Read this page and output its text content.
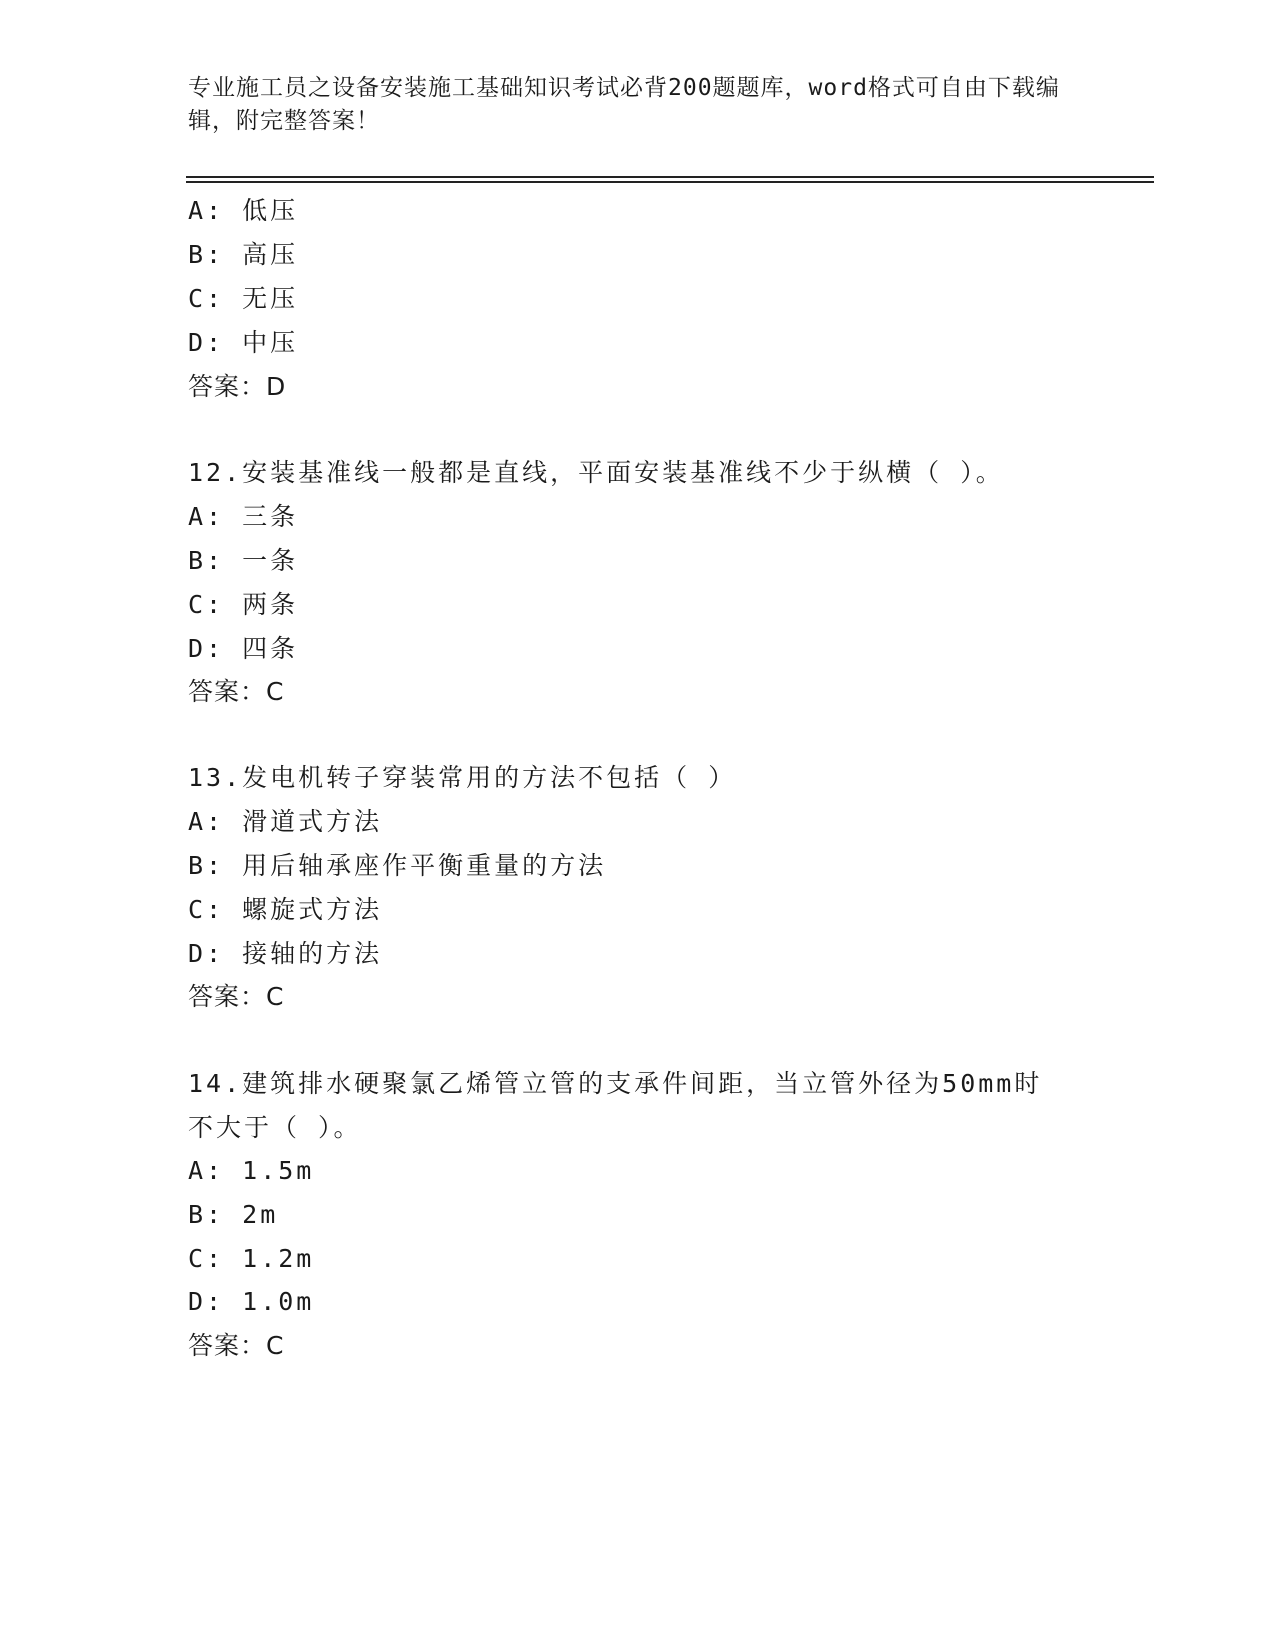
专业施工员之设备安装施工基础知识考试必背200题题库，word格式可自由下载编辑，附完整答案！
A: 低压
B: 高压
C: 无压
D: 中压
答案：D
12.安装基准线一般都是直线，平面安装基准线不少于纵横（ ）。
A: 三条
B: 一条
C: 两条
D: 四条
答案：C
13.发电机转子穿装常用的方法不包括（ ）
A: 滑道式方法
B: 用后轴承座作平衡重量的方法
C: 螺旋式方法
D: 接轴的方法
答案：C
14.建筑排水硬聚氯乙烯管立管的支承件间距，当立管外径为50mm时
不大于（ ）。
A: 1.5m
B: 2m
C: 1.2m
D: 1.0m
答案：C
